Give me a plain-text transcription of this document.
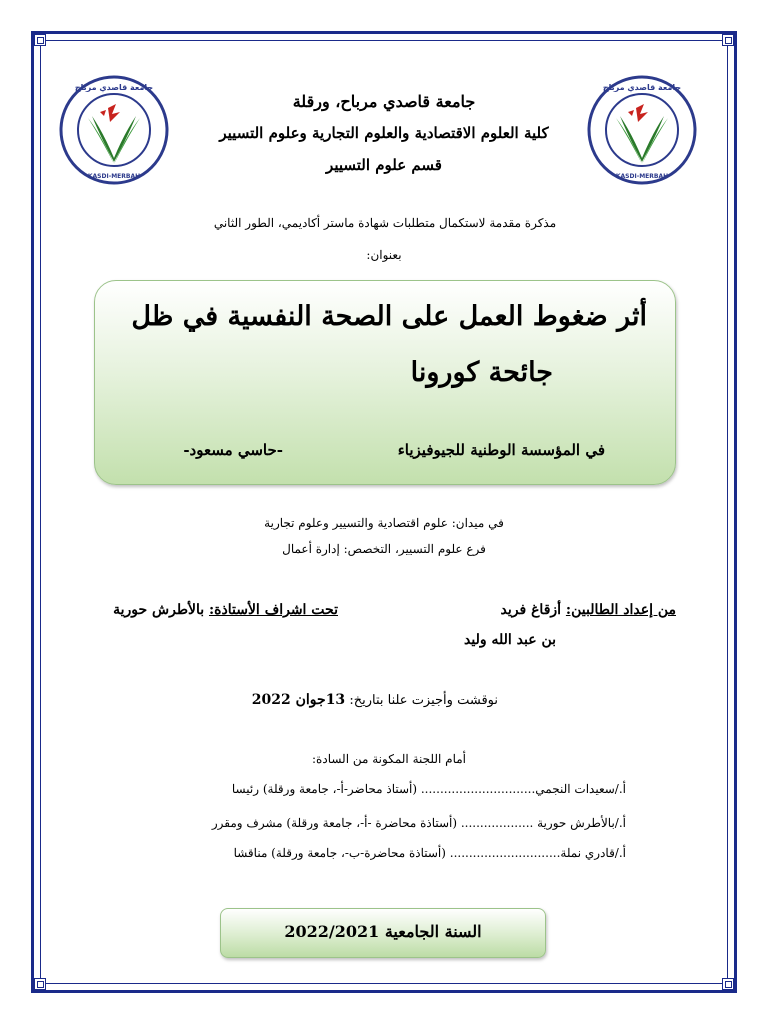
جامعة قاصدي مرباح
KASDI-MERBAH
جامعة قاصدي مرباح
KASDI-MERBAH
جامعة قاصدي مرباح، ورقلة
كلية العلوم الاقتصادية والعلوم التجارية وعلوم التسيير
قسم علوم التسيير
مذكرة مقدمة لاستكمال متطلبات شهادة ماستر أكاديمي، الطور الثاني
بعنوان:
أثر ضغوط العمل على الصحة النفسية في ظل
جائحة كورونا
في المؤسسة الوطنية للجيوفيزياء
-حاسي مسعود-
في ميدان: علوم اقتصادية والتسيير وعلوم تجارية
فرع علوم التسيير، التخصص: إدارة أعمال
من إعداد الطالبين: أزقاغ فريد
بن عبد الله وليد
تحت اشراف الأستاذة: بالأطرش حورية
نوقشت وأجيزت علنا بتاريخ: 13جوان 2022
أمام اللجنة المكونة من السادة:
أ./سعيدات النجمي.............................. (أستاذ محاضر-أ-، جامعة ورقلة) رئيسا
أ./بالأطرش حورية ................... (أستاذة محاضرة -أ-، جامعة ورقلة) مشرف ومقرر
أ./قادري نملة............................. (أستاذة محاضرة-ب-، جامعة ورقلة) مناقشا
السنة الجامعية 2022/2021
